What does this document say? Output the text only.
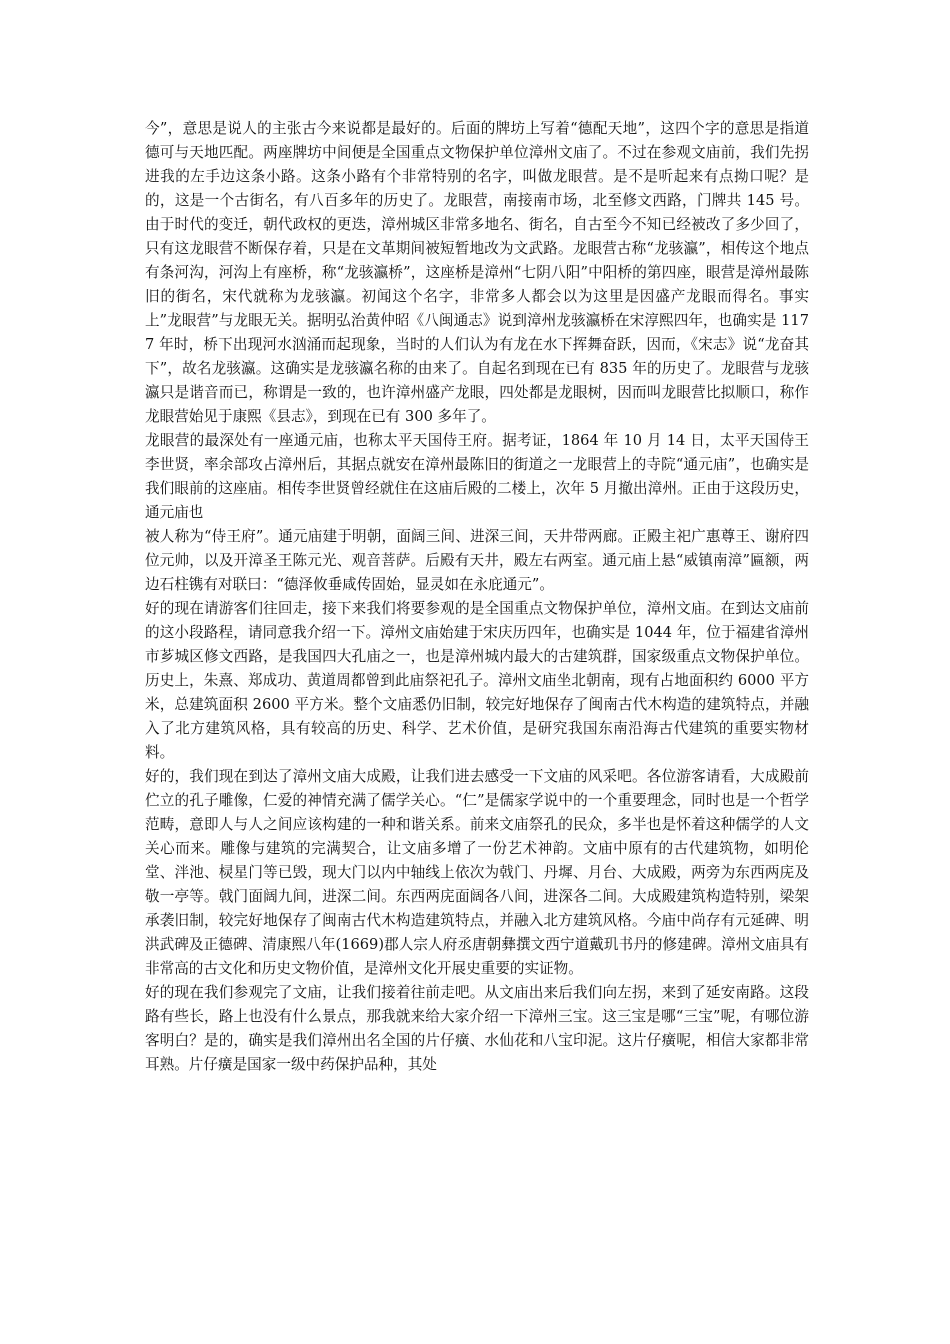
今”，意思是说人的主张古今来说都是最好的。后面的牌坊上写着“德配天地”，这四个字的意思是指道德可与天地匹配。两座牌坊中间便是全国重点文物保护单位漳州文庙了。不过在参观文庙前，我们先拐进我的左手边这条小路。这条小路有个非常特别的名字，叫做龙眼营。是不是听起来有点拗口呢？是的，这是一个古街名，有八百多年的历史了。龙眼营，南接南市场，北至修文西路，门牌共 145 号。由于时代的变迁，朝代政权的更迭，漳州城区非常多地名、街名，自古至今不知已经被改了多少回了，只有这龙眼营不断保存着，只是在文革期间被短暂地改为文武路。龙眼营古称“龙骇瀛”，相传这个地点有条河沟，河沟上有座桥，称“龙骇瀛桥”，这座桥是漳州“七阴八阳”中阳桥的第四座，眼营是漳州最陈旧的街名，宋代就称为龙骇瀛。初闻这个名字，非常多人都会以为这里是因盛产龙眼而得名。事实上”龙眼营”与龙眼无关。据明弘治黄仲昭《八闽通志》说到漳州龙骇瀛桥在宋淳熙四年，也确实是 1177 年时，桥下出现河水汹涌而起现象，当时的人们认为有龙在水下挥舞奋跃，因而，《宋志》说“龙奋其下”，故名龙骇瀛。这确实是龙骇瀛名称的由来了。自起名到现在已有 835 年的历史了。龙眼营与龙骇瀛只是谐音而已，称谓是一致的，也许漳州盛产龙眼，四处都是龙眼树，因而叫龙眼营比拟顺口，称作龙眼营始见于康熙《县志》，到现在已有 300 多年了。

龙眼营的最深处有一座通元庙，也称太平天国侍王府。据考证，1864 年 10 月 14 日，太平天国侍王李世贤，率余部攻占漳州后，其据点就安在漳州最陈旧的街道之一龙眼营上的寺院“通元庙”，也确实是我们眼前的这座庙。相传李世贤曾经就住在这庙后殿的二楼上，次年 5 月撤出漳州。正由于这段历史，通元庙也

被人称为“侍王府”。通元庙建于明朝，面阔三间、进深三间，天井带两廊。正殿主祀广惠尊王、谢府四位元帅，以及开漳圣王陈元光、观音菩萨。后殿有天井，殿左右两室。通元庙上悬“威镇南漳”匾额，两边石柱镌有对联曰：“德泽攸垂咸传固始，显灵如在永庇通元”。

好的现在请游客们往回走，接下来我们将要参观的是全国重点文物保护单位，漳州文庙。在到达文庙前的这小段路程，请同意我介绍一下。漳州文庙始建于宋庆历四年，也确实是 1044 年，位于福建省漳州市芗城区修文西路，是我国四大孔庙之一，也是漳州城内最大的古建筑群，国家级重点文物保护单位。历史上，朱熹、郑成功、黄道周都曾到此庙祭祀孔子。漳州文庙坐北朝南，现有占地面积约 6000 平方米，总建筑面积 2600 平方米。整个文庙悉仍旧制，较完好地保存了闽南古代木构造的建筑特点，并融入了北方建筑风格，具有较高的历史、科学、艺术价值，是研究我国东南沿海古代建筑的重要实物材料。

好的，我们现在到达了漳州文庙大成殿，让我们进去感受一下文庙的风采吧。各位游客请看，大成殿前伫立的孔子雕像，仁爱的神情充满了儒学关心。“仁”是儒家学说中的一个重要理念，同时也是一个哲学范畴，意即人与人之间应该构建的一种和谐关系。前来文庙祭孔的民众，多半也是怀着这种儒学的人文关心而来。雕像与建筑的完满契合，让文庙多增了一份艺术神韵。文庙中原有的古代建筑物，如明伦堂、泮池、棂星门等已毁，现大门以内中轴线上依次为戟门、丹墀、月台、大成殿，两旁为东西两庑及敬一亭等。戟门面阔九间，进深二间。东西两庑面阔各八间，进深各二间。大成殿建筑构造特别，梁架承袭旧制，较完好地保存了闽南古代木构造建筑特点，并融入北方建筑风格。今庙中尚存有元延碑、明洪武碑及正德碑、清康熙八年(1669)郡人宗人府丞唐朝彝撰文西宁道戴玑书丹的修建碑。漳州文庙具有非常高的古文化和历史文物价值，是漳州文化开展史重要的实证物。

好的现在我们参观完了文庙，让我们接着往前走吧。从文庙出来后我们向左拐，来到了延安南路。这段路有些长，路上也没有什么景点，那我就来给大家介绍一下漳州三宝。这三宝是哪“三宝”呢，有哪位游客明白？是的，确实是我们漳州出名全国的片仔癀、水仙花和八宝印泥。这片仔癀呢，相信大家都非常耳熟。片仔癀是国家一级中药保护品种，其处
